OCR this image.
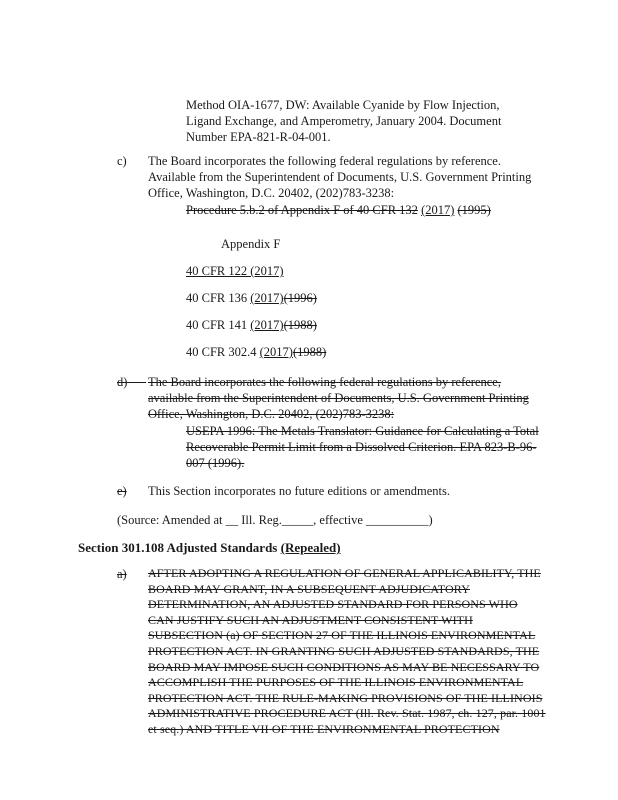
Method OIA-1677, DW: Available Cyanide by Flow Injection, Ligand Exchange, and Amperometry, January 2004. Document Number EPA-821-R-04-001.
c) The Board incorporates the following federal regulations by reference. Available from the Superintendent of Documents, U.S. Government Printing Office, Washington, D.C. 20402, (202)783-3238:
Procedure 5.b.2 of Appendix F of 40 CFR 132 (2017) (1995)
Appendix F
40 CFR 122 (2017)
40 CFR 136 (2017)(1996)
40 CFR 141 (2017)(1988)
40 CFR 302.4 (2017)(1988)
d)   	The Board incorporates the following federal regulations by reference, available from the Superintendent of Documents, U.S. Government Printing Office, Washington, D.C. 20402, (202)783-3238:
USEPA 1996: The Metals Translator: Guidance for Calculating a Total Recoverable Permit Limit from a Dissolved Criterion. EPA 823-B-96-007 (1996).
e) This Section incorporates no future editions or amendments.
(Source: Amended at __ Ill. Reg._____, effective __________)
Section 301.108 Adjusted Standards (Repealed)
a) AFTER ADOPTING A REGULATION OF GENERAL APPLICABILITY, THE BOARD MAY GRANT, IN A SUBSEQUENT ADJUDICATORY DETERMINATION, AN ADJUSTED STANDARD FOR PERSONS WHO CAN JUSTIFY SUCH AN ADJUSTMENT CONSISTENT WITH SUBSECTION (a) OF SECTION 27 OF THE ILLINOIS ENVIRONMENTAL PROTECTION ACT. IN GRANTING SUCH ADJUSTED STANDARDS, THE BOARD MAY IMPOSE SUCH CONDITIONS AS MAY BE NECESSARY TO ACCOMPLISH THE PURPOSES OF THE ILLINOIS ENVIRONMENTAL PROTECTION ACT. THE RULE-MAKING PROVISIONS OF THE ILLINOIS ADMINISTRATIVE PROCEDURE ACT (Ill. Rev. Stat. 1987, ch. 127, par. 1001 et seq.) AND TITLE VII OF THE ENVIRONMENTAL PROTECTION
